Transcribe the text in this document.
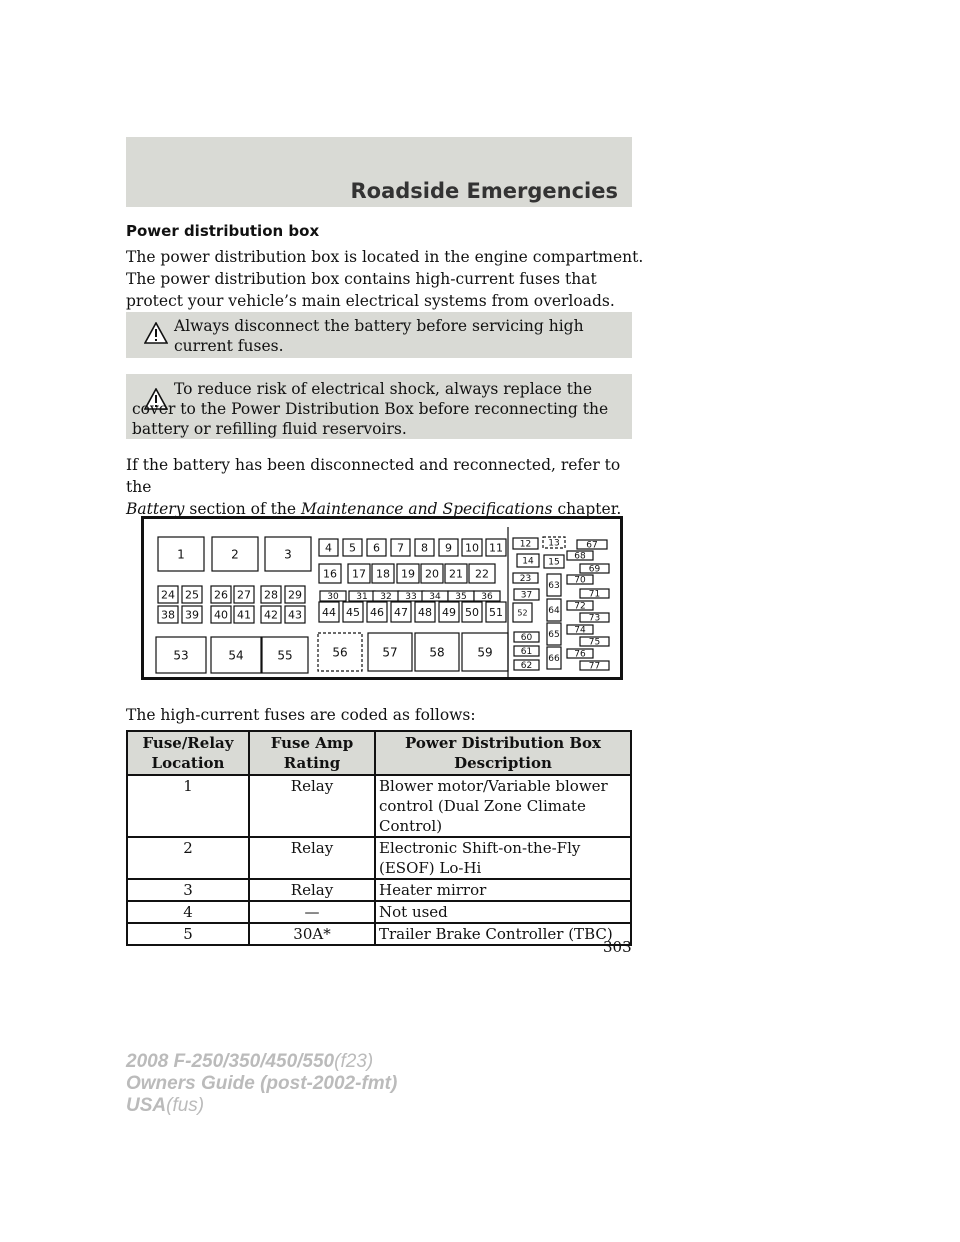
Roadside Emergencies
Power distribution box
The power distribution box is located in the engine compartment. The power distribution box contains high-current fuses that protect your vehicle’s main electrical systems from overloads.
Always disconnect the battery before servicing high current fuses.
To reduce risk of electrical shock, always replace the cover to the Power Distribution Box before reconnecting the battery or refilling fluid reservoirs.
If the battery has been disconnected and reconnected, refer to the
Battery section of the Maintenance and Specifications chapter.
1	2	3	4 5 6 7 8 9 10 11 12 13
14 15
16 17 18 19 20 21 22	23
24 25 26 27 28 29	30 31 32 33 34 35 36	37
38 39 40 41 42 43 44 45 46 47 48 49 50 51 52
53	54	55	56	57	58	59
60
61
62
63
64
65
66
67
68
69
70
71
72
73
74
75
76
77
The high-current fuses are coded as follows:
Fuse/Relay Location	Fuse Amp Rating	Power Distribution Box Description
1	Relay	Blower motor/Variable blower control (Dual Zone Climate Control)
2	Relay	Electronic Shift-on-the-Fly (ESOF) Lo-Hi
3	Relay	Heater mirror
4	—	Not used
5	30A*	Trailer Brake Controller (TBC)
303
2008 F-250/350/450/550(f23)
Owners Guide (post-2002-fmt)
USA(fus)
